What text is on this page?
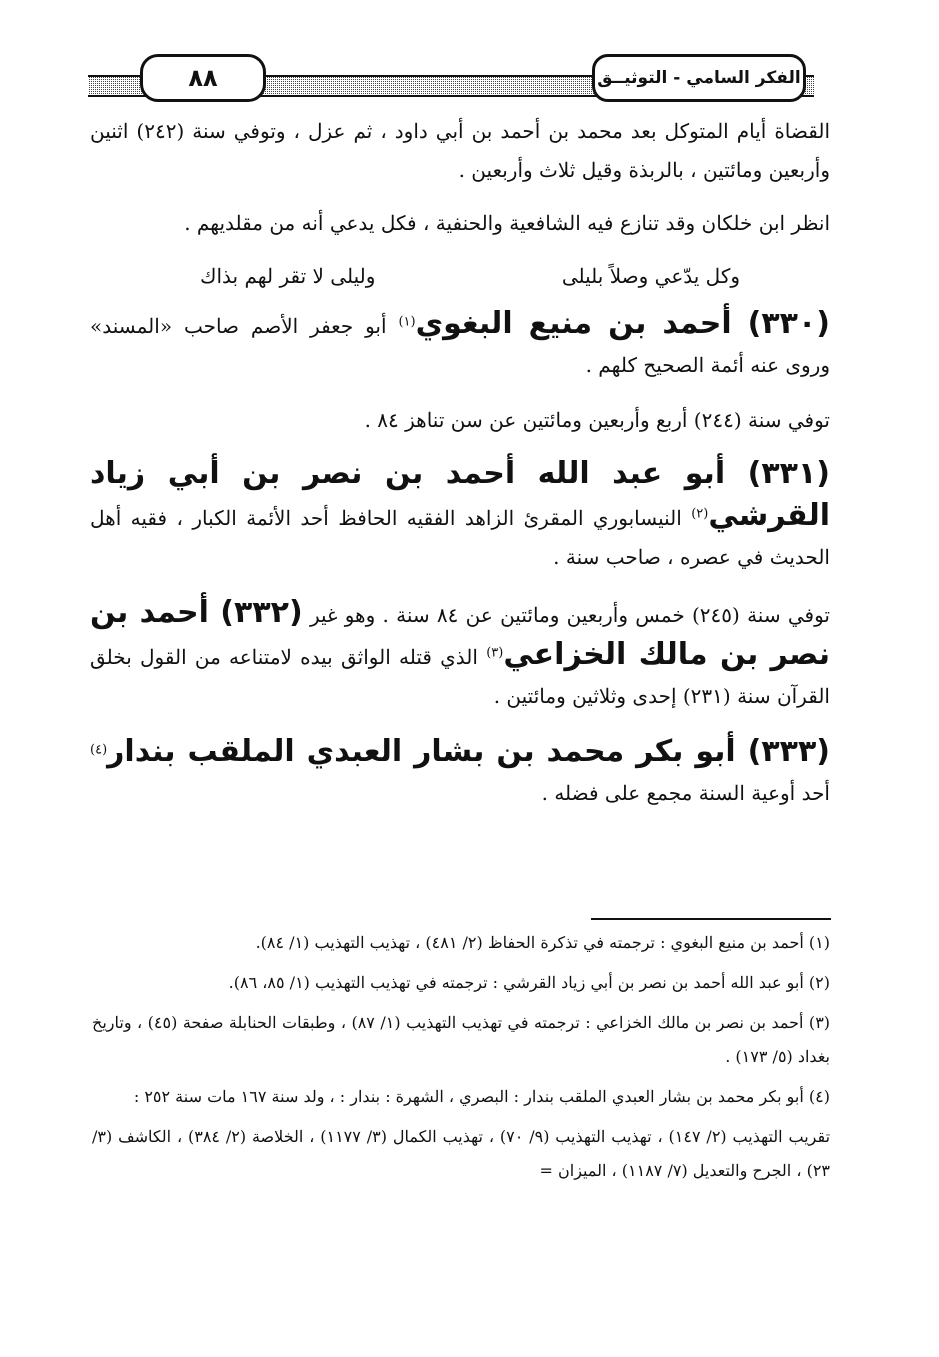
٨٨	الفكر السامي - التوثيــق

القضاة أيام المتوكل بعد محمد بن أحمد بن أبي داود ، ثم عزل ، وتوفي سنة (٢٤٢) اثنين وأربعين ومائتين ، بالربذة وقيل ثلاث وأربعين .

انظر ابن خلكان وقد تنازع فيه الشافعية والحنفية ، فكل يدعي أنه من مقلديهم .

وكل يدّعي وصلاً بليلى
وليلى لا تقر لهم بذاك
(٣٣٠) أحمد بن منيع البغوي$^{(١)}$ أبو جعفر الأصم صاحب «المسند» وروى عنه أئمة الصحيح كلهم .

توفي سنة (٢٤٤) أربع وأربعين ومائتين عن سن تناهز ٨٤ .

(٣٣١) أبو عبد الله أحمد بن نصر بن أبي زياد القرشي$^{(٢)}$ النيسابوري المقرئ الزاهد الفقيه الحافظ أحد الأئمة الكبار ، فقيه أهل الحديث في عصره ، صاحب سنة .
توفي سنة (٢٤٥) خمس وأربعين ومائتين عن ٨٤ سنة . وهو غير (٣٣٢) أحمد بن نصر بن مالك الخزاعي$^{(٣)}$ الذي قتله الواثق بيده لامتناعه من القول بخلق القرآن سنة (٢٣١) إحدى وثلاثين ومائتين .
(٣٣٣) أبو بكر محمد بن بشار العبدي الملقب بندار$^{(٤)}$ أحد أوعية السنة مجمع على فضله .

(١) أحمد بن منيع البغوي : ترجمته في تذكرة الحفاظ (٢/ ٤٨١) ، تهذيب التهذيب (١/ ٨٤).

(٢) أبو عبد الله أحمد بن نصر بن أبي زياد القرشي : ترجمته في تهذيب التهذيب (١/ ٨٥، ٨٦).

(٣) أحمد بن نصر بن مالك الخزاعي : ترجمته في تهذيب التهذيب (١/ ٨٧) ، وطبقات الحنابلة صفحة (٤٥) ، وتاريخ بغداد (٥/ ١٧٣) .

(٤) أبو بكر محمد بن بشار العبدي الملقب بندار : البصري ، الشهرة : بندار : ، ولد سنة ١٦٧ مات سنة ٢٥٢ :

تقريب التهذيب (٢/ ١٤٧) ، تهذيب التهذيب (٩/ ٧٠) ، تهذيب الكمال (٣/ ١١٧٧) ، الخلاصة (٢/ ٣٨٤) ، الكاشف (٣/ ٢٣) ، الجرح والتعديل (٧/ ١١٨٧) ، الميزان =
